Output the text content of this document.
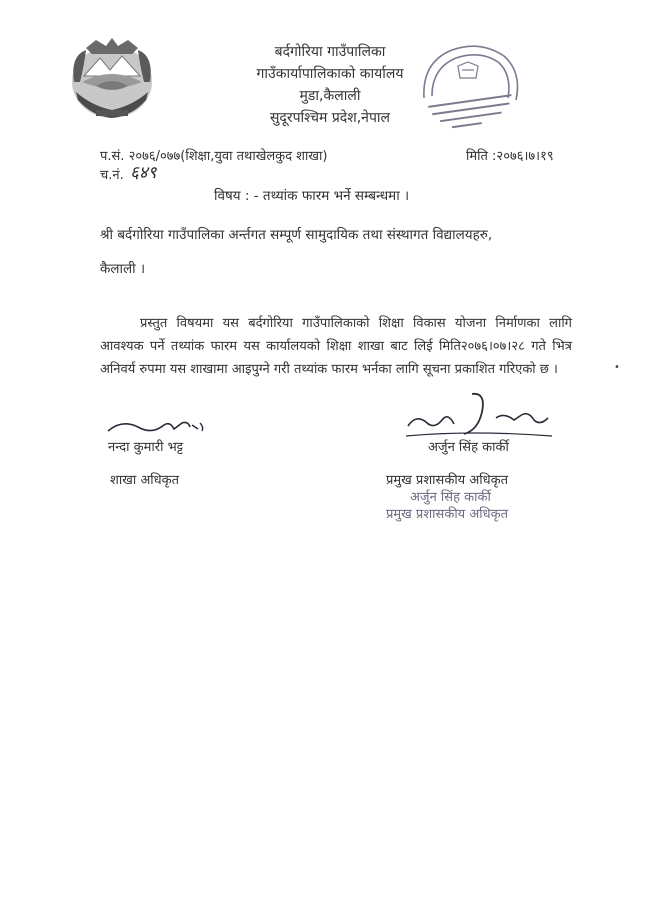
बर्दगोरिया गाउँपालिका
गाउँकार्यापालिकाको कार्यालय
मुडा,कैलाली
सुदूरपश्चिम प्रदेश,नेपाल
प.सं. २०७६/०७७(शिक्षा,युवा तथाखेलकुद शाखा)	मिति :२०७६।७।१९
च.नं. ६४९
विषय : - तथ्यांक फारम भर्ने सम्बन्धमा ।
श्री बर्दगोरिया गाउँपालिका अर्न्तगत सम्पूर्ण सामुदायिक तथा संस्थागत विद्यालयहरु,
कैलाली ।
प्रस्तुत विषयमा यस बर्दगोरिया गाउँपालिकाको शिक्षा विकास योजना निर्माणका लागि आवश्यक पर्ने तथ्यांक फारम यस कार्यालयको शिक्षा शाखा बाट लिई मिति२०७६।०७।२८ गते भित्र अनिवर्य रुपमा यस शाखामा आइपुग्ने गरी तथ्यांक फारम भर्नका लागि सूचना प्रकाशित गरिएको छ ।	•
नन्दा कुमारी भट्ट
शाखा अधिकृत
अर्जुन सिंह कार्की
प्रमुख प्रशासकीय अधिकृत
अर्जुन सिंह कार्की
प्रमुख प्रशासकीय अधिकृत
